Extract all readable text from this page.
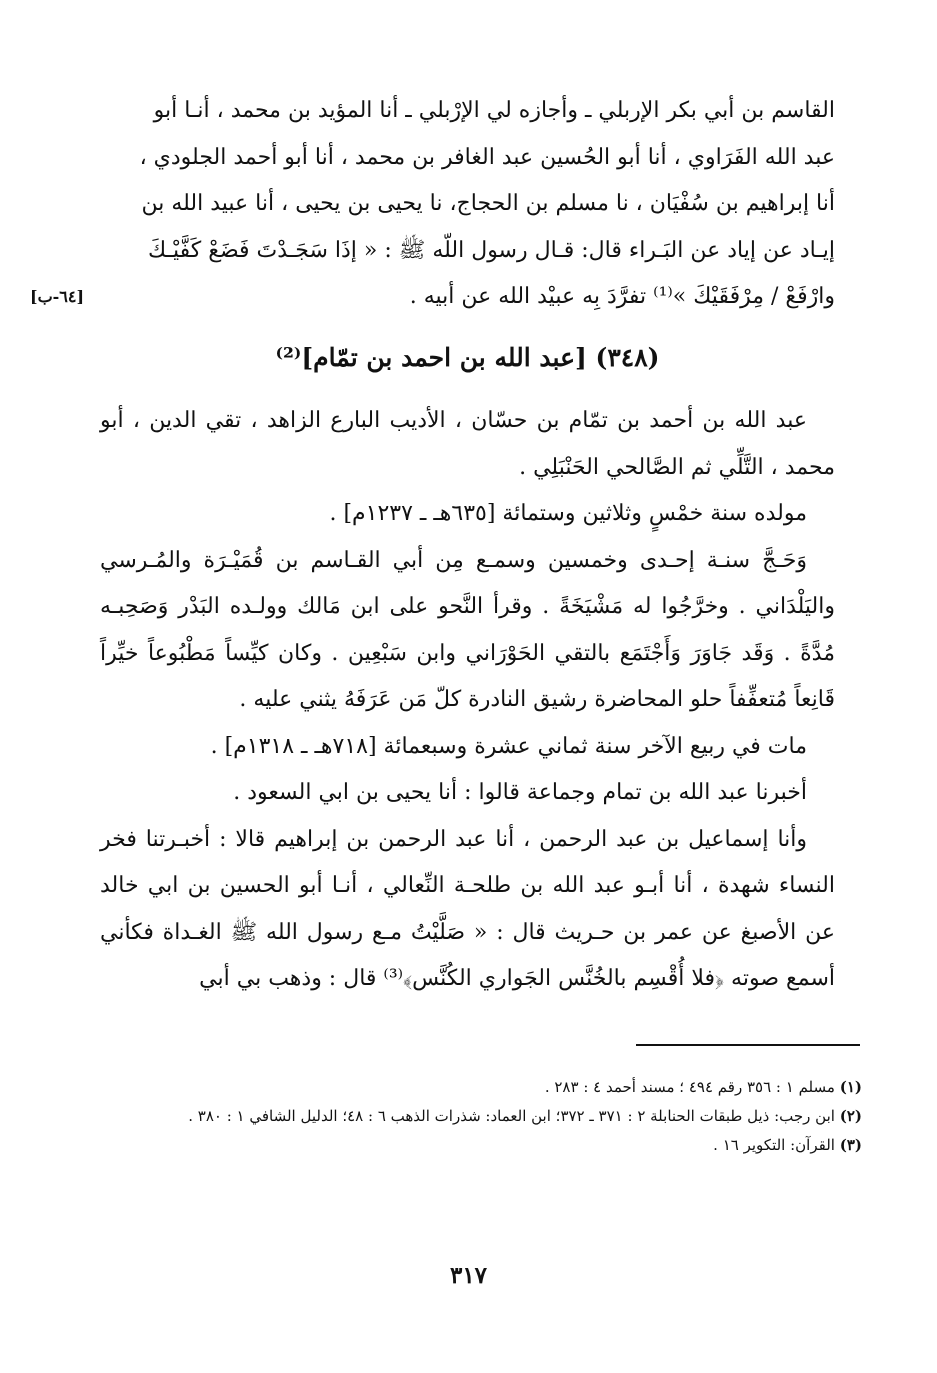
القاسم بن أبي بكر الإربلي ـ وأجازه لي الإرْبلي ـ أنا المؤيد بن محمد ، أنـا أبو
عبد الله الفَرَاوي ، أنا أبو الحُسين عبد الغافر بن محمد ، أنا أبو أحمد الجلودي ،
أنا إبراهيم بن سُفْيَان ، نا مسلم بن الحجاج، نا يحيى بن يحيى ، أنا عبيد الله بن
إيـاد عن إياد عن البَـراء قال: قـال رسول اللّه ﷺ : « إذَا سَجَـدْتَ فَضَعْ كَفَّيْـكَ
وارْفَعْ / مِرْفَقَيْكَ »⁽¹⁾ تفرَّدَ بِه عبيْد الله عن أبيه .
[٦٤-ب]
(٣٤٨) [عبد الله بن احمد بن تمّام]⁽²⁾

عبد الله بن أحمد بن تمّام بن حسّان ، الأديب البارع الزاهد ، تقي الدين ، أبو محمد ، التَّلِّي ثم الصَّالحي الحَنْبَلِي .

مولده سنة خمْسٍ وثلاثين وستمائة [٦٣٥هـ ـ ١٢٣٧م] .

وَحَـجَّ سنـة إحـدى وخمسين وسمـع مِن أبي القـاسم بن قُمَيْـرَة والمُـرسي واليَلْدَاني . وخرَّجُوا له مَشْيَخَةً . وقرأ النَّحو على ابن مَالك وولـده البَدْر وَصَحِبـه مُدَّةً . وَقَد جَاوَرَ وَأَجْتَمَع بالتقي الحَوْرَاني وابن سَبْعِين . وكان كيِّساً مَطْبُوعاً خيِّراً قَانِعاً مُتعفِّفاً حلو المحاضرة رشيق النادرة كلّ مَن عَرَفَهُ يثني عليه .

مات في ربيع الآخر سنة ثماني عشرة وسبعمائة [٧١٨هـ ـ ١٣١٨م] .

أخبرنا عبد الله بن تمام وجماعة قالوا : أنا يحيى بن ابي السعود .

وأنا إسماعيل بن عبد الرحمن ، أنا عبد الرحمن بن إبراهيم قالا : أخبـرتنا فخر النساء شهدة ، أنا أبـو عبد الله بن طلحـة النِّعالي ، أنـا أبو الحسين بن ابي خالد عن الأصبغ عن عمر بن حـريث قال : « صَلَّيْتُ مـع رسول الله ﷺ الغـداة فكأني أسمع صوته ﴿فلا أُقْسِم بالخُنَّس الجَواري الكُنَّس﴾⁽³⁾ قال : وذهب بي أبي

(١) مسلم ١ : ٣٥٦ رقم ٤٩٤ ؛ مسند أحمد ٤ : ٢٨٣ .

(٢) ابن رجب: ذيل طبقات الحنابلة ٢ : ٣٧١ ـ ٣٧٢؛ ابن العماد: شذرات الذهب ٦ : ٤٨؛ الدليل الشافي ١ : ٣٨٠ .

(٣) القرآن: التكوير ١٦ .

٣١٧
